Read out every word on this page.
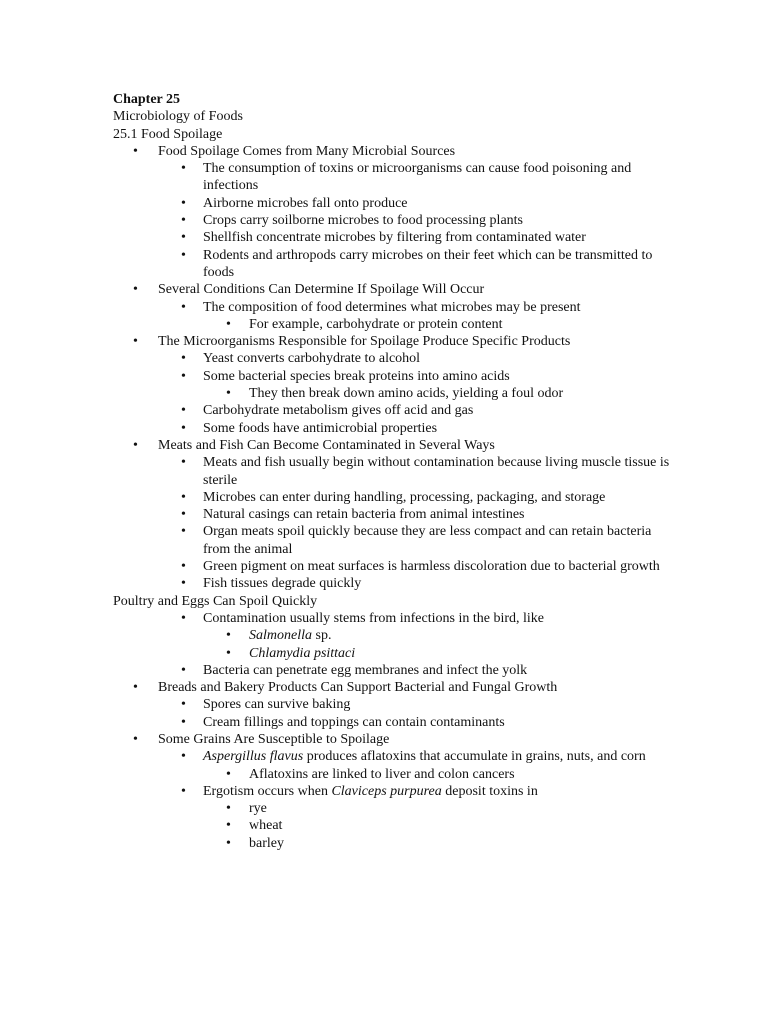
Chapter 25
Microbiology of Foods
25.1 Food Spoilage
• Food Spoilage Comes from Many Microbial Sources
• The consumption of toxins or microorganisms can cause food poisoning and infections
• Airborne microbes fall onto produce
• Crops carry soilborne microbes to food processing plants
• Shellfish concentrate microbes by filtering from contaminated water
• Rodents and arthropods carry microbes on their feet which can be transmitted to foods
• Several Conditions Can Determine If Spoilage Will Occur
• The composition of food determines what microbes may be present
• For example, carbohydrate or protein content
• The Microorganisms Responsible for Spoilage Produce Specific Products
• Yeast converts carbohydrate to alcohol
• Some bacterial species break proteins into amino acids
• They then break down amino acids, yielding a foul odor
• Carbohydrate metabolism gives off acid and gas
• Some foods have antimicrobial properties
• Meats and Fish Can Become Contaminated in Several Ways
• Meats and fish usually begin without contamination because living muscle tissue is sterile
• Microbes can enter during handling, processing, packaging, and storage
• Natural casings can retain bacteria from animal intestines
• Organ meats spoil quickly because they are less compact and can retain bacteria from the animal
• Green pigment on meat surfaces is harmless discoloration due to bacterial growth
• Fish tissues degrade quickly
Poultry and Eggs Can Spoil Quickly
• Contamination usually stems from infections in the bird, like
• Salmonella sp.
• Chlamydia psittaci
• Bacteria can penetrate egg membranes and infect the yolk
• Breads and Bakery Products Can Support Bacterial and Fungal Growth
• Spores can survive baking
• Cream fillings and toppings can contain contaminants
• Some Grains Are Susceptible to Spoilage
• Aspergillus flavus produces aflatoxins that accumulate in grains, nuts, and corn
• Aflatoxins are linked to liver and colon cancers
• Ergotism occurs when Claviceps purpurea deposit toxins in
• rye
• wheat
• barley
